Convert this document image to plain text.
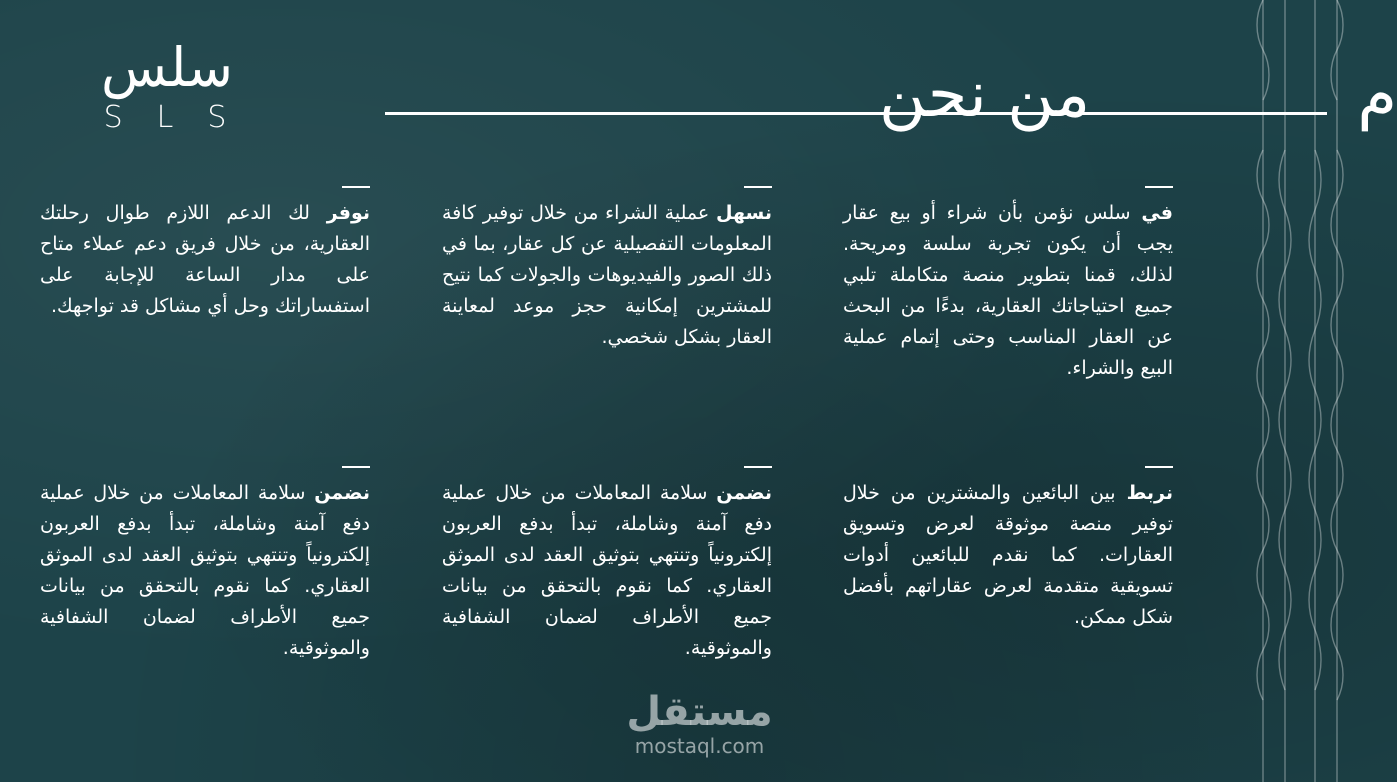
سلس
SLS	من نحن	م
في سلس نؤمن بأن شراء أو بيع عقار يجب أن يكون تجربة سلسة ومريحة. لذلك، قمنا بتطوير منصة متكاملة تلبي جميع احتياجاتك العقارية، بدءًا من البحث عن العقار المناسب وحتى إتمام عملية البيع والشراء.
نسهل عملية الشراء من خلال توفير كافة المعلومات التفصيلية عن كل عقار، بما في ذلك الصور والفيديوهات والجولات كما نتيح للمشترين إمكانية حجز موعد لمعاينة العقار بشكل شخصي.
نوفر لك الدعم اللازم طوال رحلتك العقارية، من خلال فريق دعم عملاء متاح على مدار الساعة للإجابة على استفساراتك وحل أي مشاكل قد تواجهك.
نربط بين البائعين والمشترين من خلال توفير منصة موثوقة لعرض وتسويق العقارات. كما نقدم للبائعين أدوات تسويقية متقدمة لعرض عقاراتهم بأفضل شكل ممكن.
نضمن سلامة المعاملات من خلال عملية دفع آمنة وشاملة، تبدأ بدفع العربون إلكترونياً وتنتهي بتوثيق العقد لدى الموثق العقاري. كما نقوم بالتحقق من بيانات جميع الأطراف لضمان الشفافية والموثوقية.
نضمن سلامة المعاملات من خلال عملية دفع آمنة وشاملة، تبدأ بدفع العربون إلكترونياً وتنتهي بتوثيق العقد لدى الموثق العقاري. كما نقوم بالتحقق من بيانات جميع الأطراف لضمان الشفافية والموثوقية.
مستقل
mostaql.com
